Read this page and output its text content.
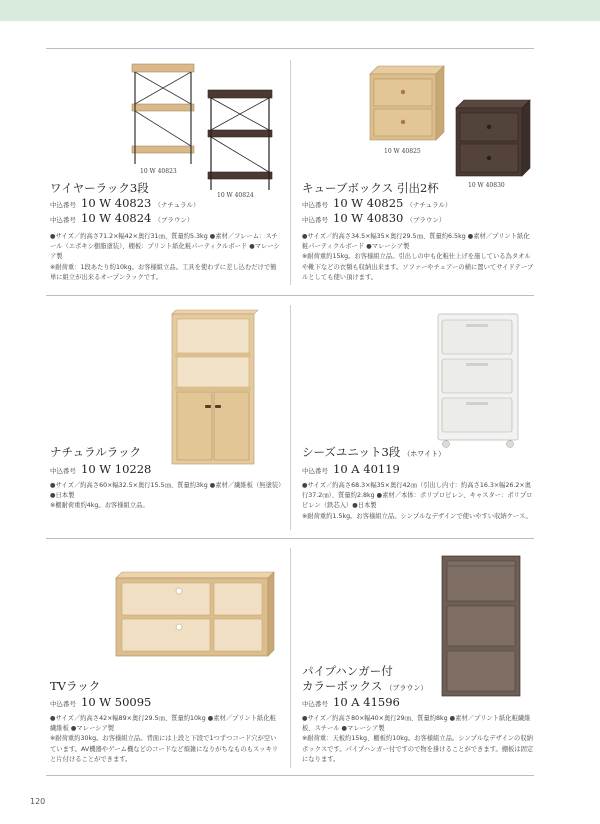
10 W 40823
10 W 40824
ワイヤーラック3段
中込番号 10 W 40823 （ナチュラル）
中込番号 10 W 40824 （ブラウン）
●サイズ／約高さ71.2×幅42×奥行31㎝、質量約5.3kg ●素材／フレーム：スチール（エポキシ樹脂塗装）、棚板：プリント紙化粧パーティクルボード ●マレーシア製
※耐荷重：1段あたり約10kg。お客様組立品。工具を使わずに差し込むだけで簡単に組立が出来るオープンラックです。
10 W 40825
10 W 40830
キューブボックス 引出2杯
中込番号 10 W 40825 （ナチュラル）
中込番号 10 W 40830 （ブラウン）
●サイズ／約高さ34.5×幅35×奥行29.5㎝、質量約6.5kg ●素材／プリント紙化粧パーティクルボード ●マレーシア製
※耐荷重約15kg。お客様組立品。引出しの中も化粧仕上げを施している為タオルや靴下などの衣類も収納出来ます。ソファーやチェアーの横に置いてサイドテーブルとしても使い頂けます。
ナチュラルラック
中込番号 10 W 10228
●サイズ／約高さ60×幅32.5×奥行15.5㎝、質量約3kg ●素材／繊維板（無塗装）●日本製
※棚耐荷重約4kg。お客様組立品。
シーズユニット3段 （ホワイト）
中込番号 10 A 40119
●サイズ／約高さ68.3×幅35×奥行42㎝（引出し内寸：約高さ16.3×幅26.2×奥行37.2㎝）、質量約2.8kg ●素材／本体：ポリプロピレン、キャスター：ポリプロピレン（鉄芯入）●日本製
※耐荷重約1.5kg。お客様組立品。シンプルなデザインで使いやすい収納ケース。
TVラック
中込番号 10 W 50095
●サイズ／約高さ42×幅89×奥行29.5㎝、質量約10kg ●素材／プリント紙化粧繊維板 ●マレーシア製
※耐荷重約30kg。お客様組立品。背面には上段と下段で1つずつコード穴が空いています。AV機器やゲーム機などのコードなど煩雑になりがちなものもスッキリと片付けることができます。
パイプハンガー付
カラーボックス （ブラウン）
中込番号 10 A 41596
●サイズ／約高さ80×幅40×奥行29㎝、質量約8kg ●素材／プリント紙化粧繊維板、スチール ●マレーシア製
※耐荷重：天板約15kg、棚板約10kg。お客様組立品。シンプルなデザインの収納ボックスです。パイプハンガー付ですので物を掛けることができます。棚板は固定になります。
120
